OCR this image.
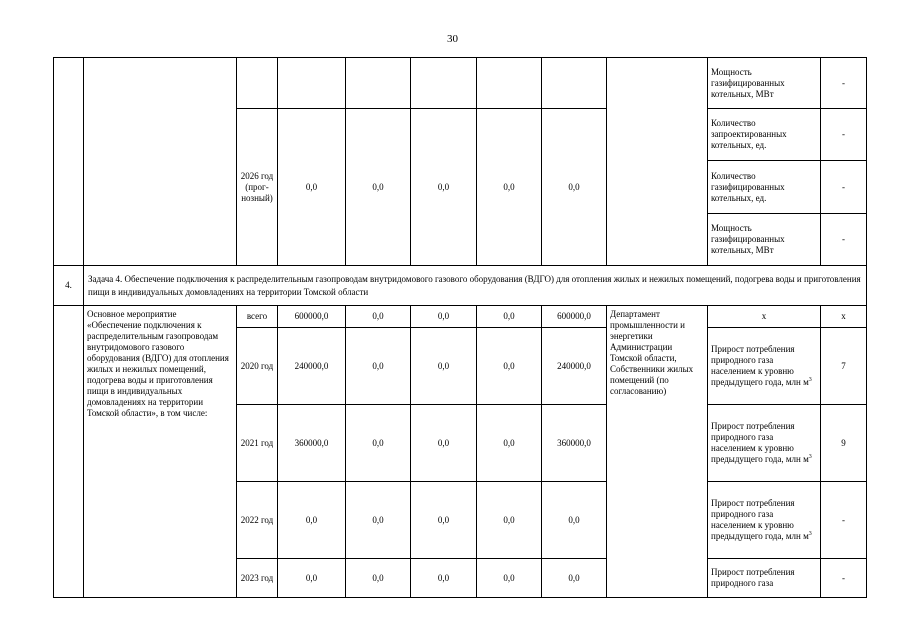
30
									Мощность газифицированных котельных, МВт	-
		2026 год (прог-нозный)	0,0	0,0	0,0	0,0	0,0		Количество запроектированных котельных, ед.	-
									Количество газифицированных котельных, ед.	-
									Мощность газифицированных котельных, МВт	-
4.	Задача 4. Обеспечение подключения к распределительным газопроводам внутридомового газового оборудования (ВДГО) для отопления жилых и нежилых помещений, подогрева воды и приготовления пищи в индивидуальных домовладениях на территории Томской области									
	Основное мероприятие «Обеспечение подключения к распределительным газопроводам внутридомового газового оборудования (ВДГО) для отопления жилых и нежилых помещений, подогрева воды и приготовления пищи в индивидуальных домовладениях на территории Томской области», в том числе:	всего	600000,0	0,0	0,0	0,0	600000,0	Департамент промышленности и энергетики Администрации Томской области, Собственники жилых помещений (по согласованию)	х	х
		2020 год	240000,0	0,0	0,0	0,0	240000,0		Прирост потребления природного газа населением к уровню предыдущего года, млн $м^3$	7
		2021 год	360000,0	0,0	0,0	0,0	360000,0		Прирост потребления природного газа населением к уровню предыдущего года, млн $м^3$	9
		2022 год	0,0	0,0	0,0	0,0	0,0		Прирост потребления природного газа населением к уровню предыдущего года, млн $м^3$	-
		2023 год	0,0	0,0	0,0	0,0	0,0		Прирост потребления природного газа	-
